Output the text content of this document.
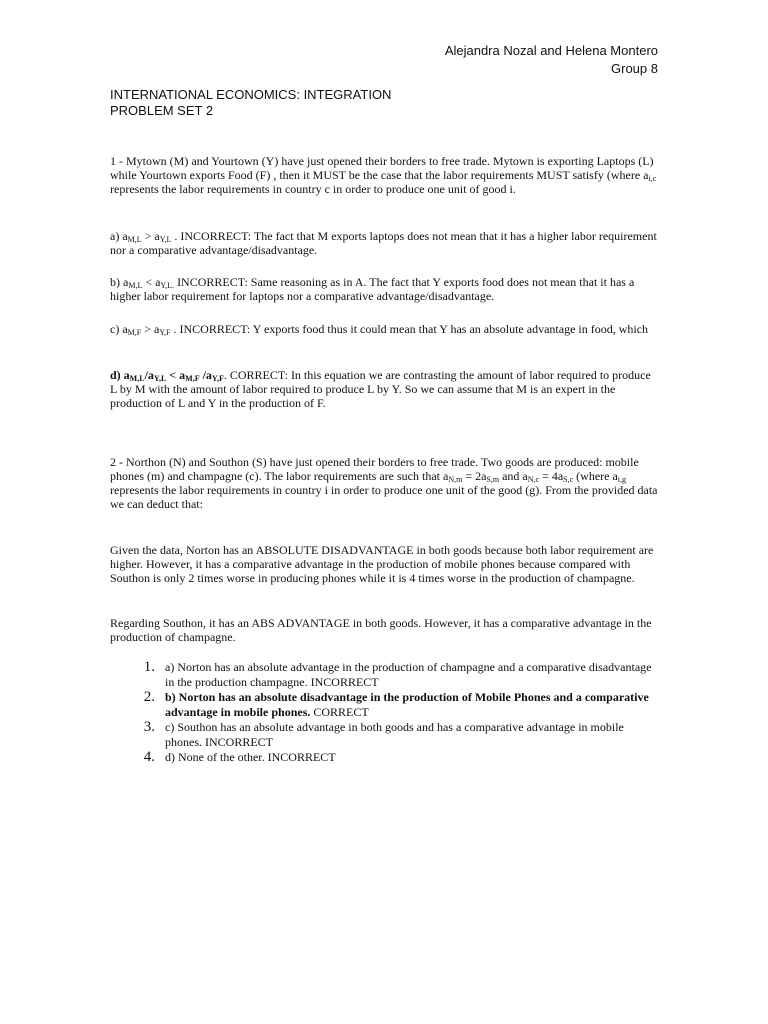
Alejandra Nozal and Helena Montero
Group 8
INTERNATIONAL ECONOMICS: INTEGRATION
PROBLEM SET 2
1 - Mytown (M) and Yourtown (Y) have just opened their borders to free trade. Mytown is exporting Laptops (L) while Yourtown exports Food (F) , then it MUST be the case that the labor requirements MUST satisfy (where $a_{i,c}$ represents the labor requirements in country c in order to produce one unit of good i.
a) $a_{M,L} > a_{Y,L}$ . INCORRECT: The fact that M exports laptops does not mean that it has a higher labor requirement nor a comparative advantage/disadvantage.
b) $a_{M,L} < a_{Y,L.}$ INCORRECT: Same reasoning as in A. The fact that Y exports food does not mean that it has a higher labor requirement for laptops nor a comparative advantage/disadvantage.
c) $a_{M,F} > a_{Y,F}$ . INCORRECT: Y exports food thus it could mean that Y has an absolute advantage in food, which
d) $a_{M,L}/a_{Y,L} < a_{M,F}$ $/a_{Y,F}$. CORRECT: In this equation we are contrasting the amount of labor required to produce L by M with the amount of labor required to produce L by Y. So we can assume that M is an expert in the production of L and Y in the production of F.
2 - Northon (N) and Southon (S) have just opened their borders to free trade. Two goods are produced: mobile phones (m) and champagne (c). The labor requirements are such that $a_{N,m} = 2a_{S,m}$ and $a_{N,c} = 4a_{S,c}$ (where $a_{i,g}$ represents the labor requirements in country i in order to produce one unit of the good (g). From the provided data we can deduct that:
Given the data, Norton has an ABSOLUTE DISADVANTAGE in both goods because both labor requirement are higher. However, it has a comparative advantage in the production of mobile phones because compared with Southon is only 2 times worse in producing phones while it is 4 times worse in the production of champagne.
Regarding Southon, it has an ABS ADVANTAGE in both goods. However, it has a comparative advantage in the production of champagne.
1. a) Norton has an absolute advantage in the production of champagne and a comparative disadvantage in the production champagne. INCORRECT
2. b) Norton has an absolute disadvantage in the production of Mobile Phones and a comparative advantage in mobile phones. CORRECT
3. c) Southon has an absolute advantage in both goods and has a comparative advantage in mobile phones. INCORRECT
4. d) None of the other. INCORRECT
